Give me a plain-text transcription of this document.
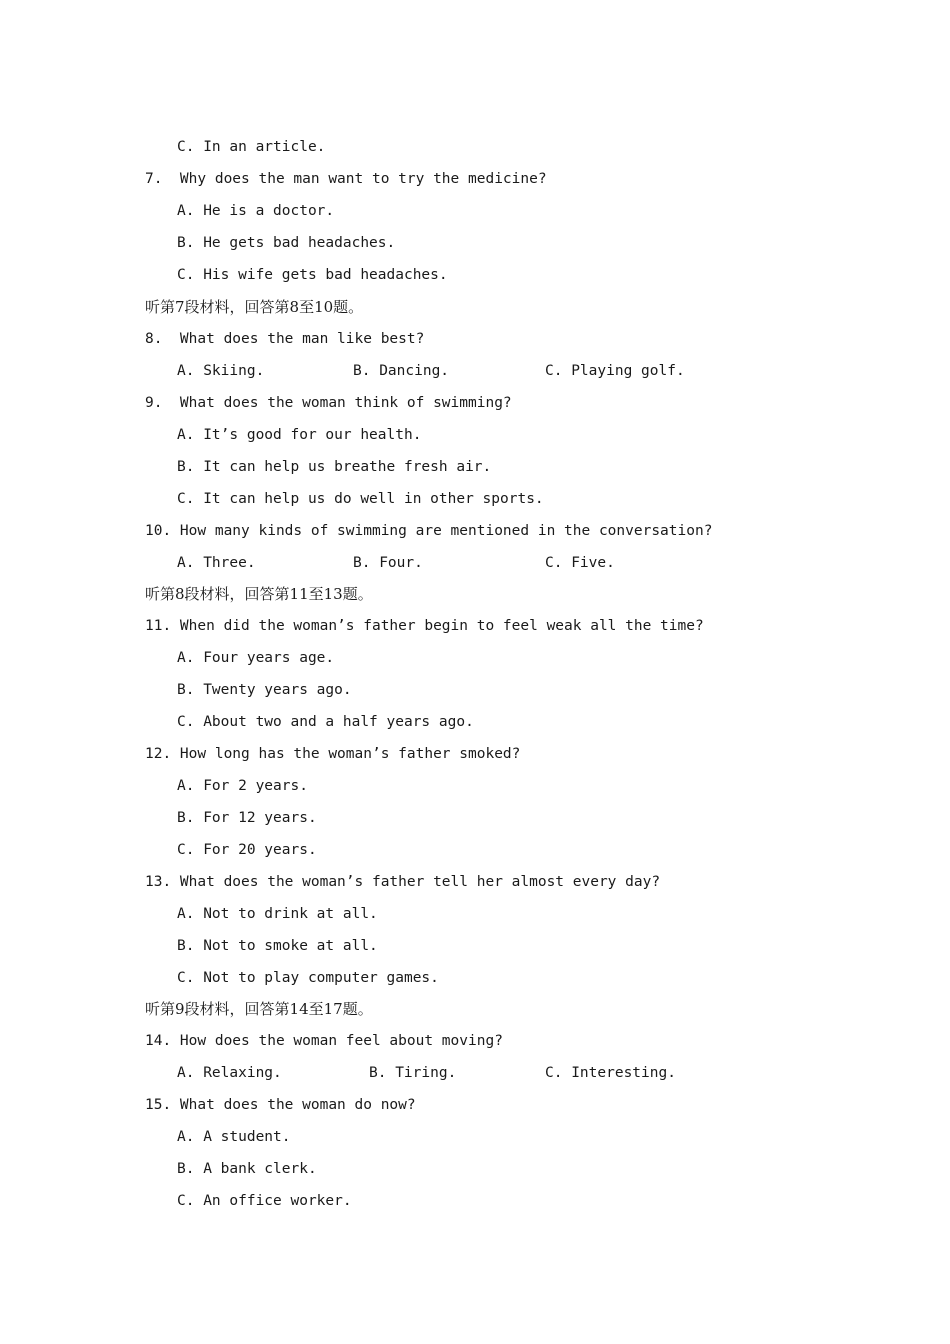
C. In an article.
7.  Why does the man want to try the medicine?
A. He is a doctor.
B. He gets bad headaches.
C. His wife gets bad headaches.
听第7段材料，回答第8至10题。
8.  What does the man like best?
A. Skiing.	B. Dancing.	C. Playing golf.
9.  What does the woman think of swimming?
A. It’s good for our health.
B. It can help us breathe fresh air.
C. It can help us do well in other sports.
10. How many kinds of swimming are mentioned in the conversation?
A. Three.	B. Four.	C. Five.
听第8段材料，回答第11至13题。
11. When did the woman’s father begin to feel weak all the time?
A. Four years age.
B. Twenty years ago.
C. About two and a half years ago.
12. How long has the woman’s father smoked?
A. For 2 years.
B. For 12 years.
C. For 20 years.
13. What does the woman’s father tell her almost every day?
A. Not to drink at all.
B. Not to smoke at all.
C. Not to play computer games.
听第9段材料，回答第14至17题。
14. How does the woman feel about moving?
A. Relaxing.	B. Tiring.	C. Interesting.
15. What does the woman do now?
A. A student.
B. A bank clerk.
C. An office worker.
